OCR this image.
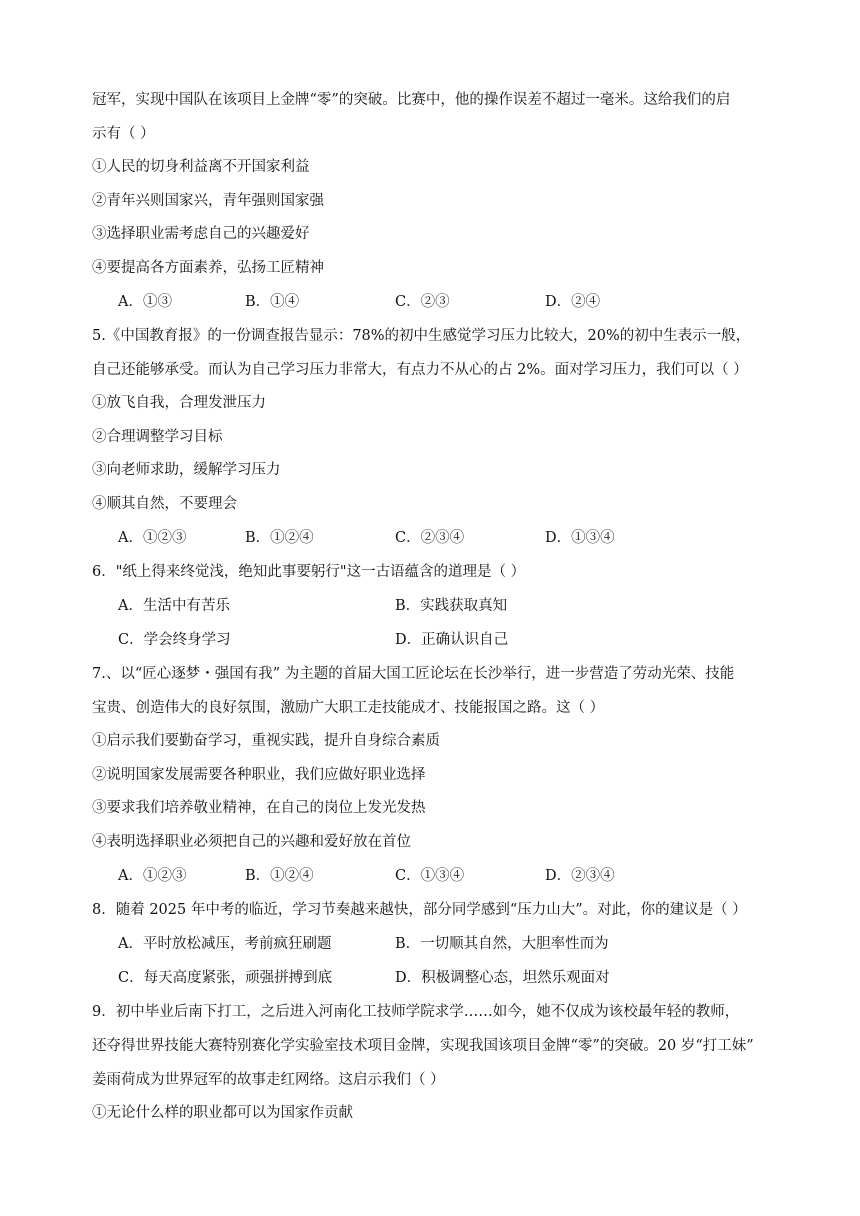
冠军，实现中国队在该项目上金牌“零”的突破。比赛中，他的操作误差不超过一毫米。这给我们的启
示有（ ）
①人民的切身利益离不开国家利益
②青年兴则国家兴，青年强则国家强
③选择职业需考虑自己的兴趣爱好
④要提高各方面素养，弘扬工匠精神
A．①③	B．①④	C．②③	D．②④
5.《中国教育报》的一份调查报告显示：78%的初中生感觉学习压力比较大，20%的初中生表示一般，
自己还能够承受。而认为自己学习压力非常大，有点力不从心的占 2%。面对学习压力，我们可以（ ）
①放飞自我，合理发泄压力
②合理调整学习目标
③向老师求助，缓解学习压力
④顺其自然，不要理会
A．①②③	B．①②④	C．②③④	D．①③④
6．"纸上得来终觉浅，绝知此事要躬行"这一古语蕴含的道理是（ ）
A．生活中有苦乐	B．实践获取真知
C．学会终身学习	D．正确认识自己
7.、以“匠心逐梦・强国有我” 为主题的首届大国工匠论坛在长沙举行，进一步营造了劳动光荣、技能
宝贵、创造伟大的良好氛围，激励广大职工走技能成才、技能报国之路。这（ ）
①启示我们要勤奋学习，重视实践，提升自身综合素质
②说明国家发展需要各种职业，我们应做好职业选择
③要求我们培养敬业精神，在自己的岗位上发光发热
④表明选择职业必须把自己的兴趣和爱好放在首位
A．①②③	B．①②④	C．①③④	D．②③④
8．随着 2025 年中考的临近，学习节奏越来越快，部分同学感到“压力山大”。对此，你的建议是（ ）
A．平时放松减压，考前疯狂刷题	B．一切顺其自然，大胆率性而为
C．每天高度紧张，顽强拼搏到底	D．积极调整心态，坦然乐观面对
9．初中毕业后南下打工，之后进入河南化工技师学院求学……如今，她不仅成为该校最年轻的教师，
还夺得世界技能大赛特别赛化学实验室技术项目金牌，实现我国该项目金牌“零”的突破。20 岁“打工妹”
姜雨荷成为世界冠军的故事走红网络。这启示我们（ ）
①无论什么样的职业都可以为国家作贡献
